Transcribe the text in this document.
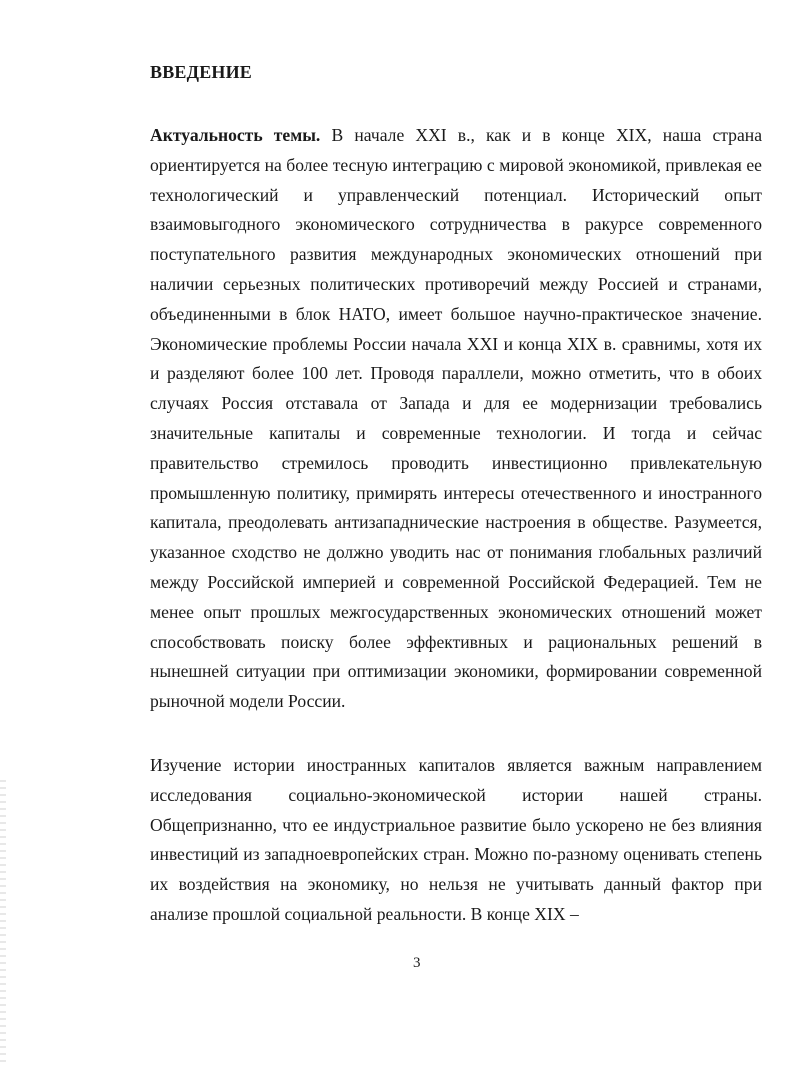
ВВЕДЕНИЕ

Актуальность темы. В начале XXI в., как и в конце XIX, наша страна ориентируется на более тесную интеграцию с мировой экономикой, привлекая ее технологический и управленческий потенциал. Исторический опыт взаимовыгодного экономического сотрудничества в ракурсе современного поступательного развития международных экономических отношений при наличии серьезных политических противоречий между Россией и странами, объединенными в блок НАТО, имеет большое научно-практическое значение. Экономические проблемы России начала XXI и конца XIX в. сравнимы, хотя их и разделяют более 100 лет. Проводя параллели, можно отметить, что в обоих случаях Россия отставала от Запада и для ее модернизации требовались значительные капиталы и современные технологии. И тогда и сейчас правительство стремилось проводить инвестиционно привлекательную промышленную политику, примирять интересы отечественного и иностранного капитала, преодолевать антизападнические настроения в обществе. Разумеется, указанное сходство не должно уводить нас от понимания глобальных различий между Российской империей и современной Российской Федерацией. Тем не менее опыт прошлых межгосударственных экономических отношений может способствовать поиску более эффективных и рациональных решений в нынешней ситуации при оптимизации экономики, формировании современной рыночной модели России.

Изучение истории иностранных капиталов является важным направлением исследования социально-экономической истории нашей страны. Общепризнанно, что ее индустриальное развитие было ускорено не без влияния инвестиций из западноевропейских стран. Можно по-разному оценивать степень их воздействия на экономику, но нельзя не учитывать данный фактор при анализе прошлой социальной реальности. В конце XIX –

3
